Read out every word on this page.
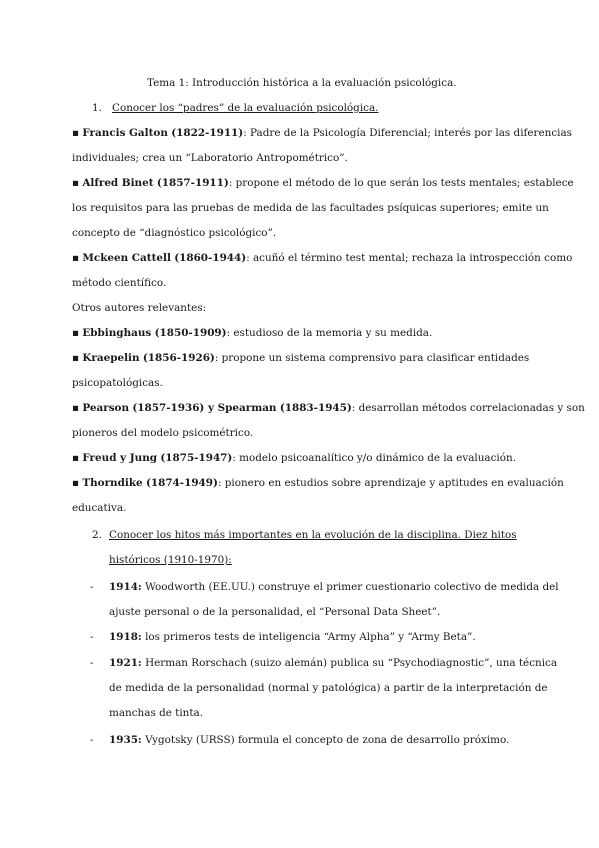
Tema 1: Introducción histórica a la evaluación psicológica.
1. Conocer los “padres” de la evaluación psicológica.
▪ Francis Galton (1822-1911): Padre de la Psicología Diferencial; interés por las diferencias
individuales; crea un “Laboratorio Antropométrico”.
▪ Alfred Binet (1857-1911): propone el método de lo que serán los tests mentales; establece
los requisitos para las pruebas de medida de las facultades psíquicas superiores; emite un
concepto de “diagnóstico psicológico”.
▪ Mckeen Cattell (1860-1944): acuñó el término test mental; rechaza la introspección como
método científico.
Otros autores relevantes:
▪ Ebbinghaus (1850-1909): estudioso de la memoria y su medida.
▪ Kraepelin (1856-1926): propone un sistema comprensivo para clasificar entidades
psicopatológicas.
▪ Pearson (1857-1936) y Spearman (1883-1945): desarrollan métodos correlacionadas y son
pioneros del modelo psicométrico.
▪ Freud y Jung (1875-1947): modelo psicoanalítico y/o dinámico de la evaluación.
▪ Thorndike (1874-1949): pionero en estudios sobre aprendizaje y aptitudes en evaluación
educativa.
2. Conocer los hitos más importantes en la evolución de la disciplina. Diez hitos
históricos (1910-1970):
- 1914: Woodworth (EE.UU.) construye el primer cuestionario colectivo de medida del
ajuste personal o de la personalidad, el “Personal Data Sheet”.
- 1918: los primeros tests de inteligencia “Army Alpha” y “Army Beta”.
- 1921: Herman Rorschach (suizo alemán) publica su “Psychodiagnostic”, una técnica
de medida de la personalidad (normal y patológica) a partir de la interpretación de
manchas de tinta.
- 1935: Vygotsky (URSS) formula el concepto de zona de desarrollo próximo.
